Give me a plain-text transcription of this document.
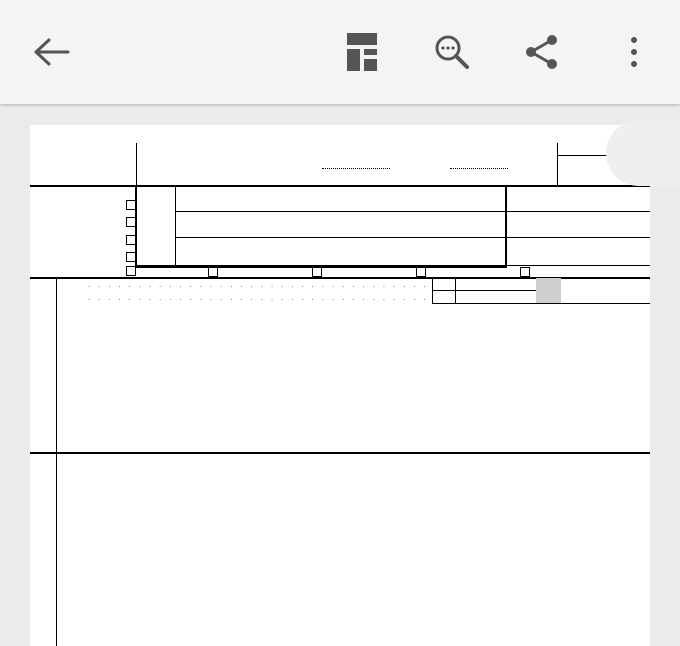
. . .
. . .
